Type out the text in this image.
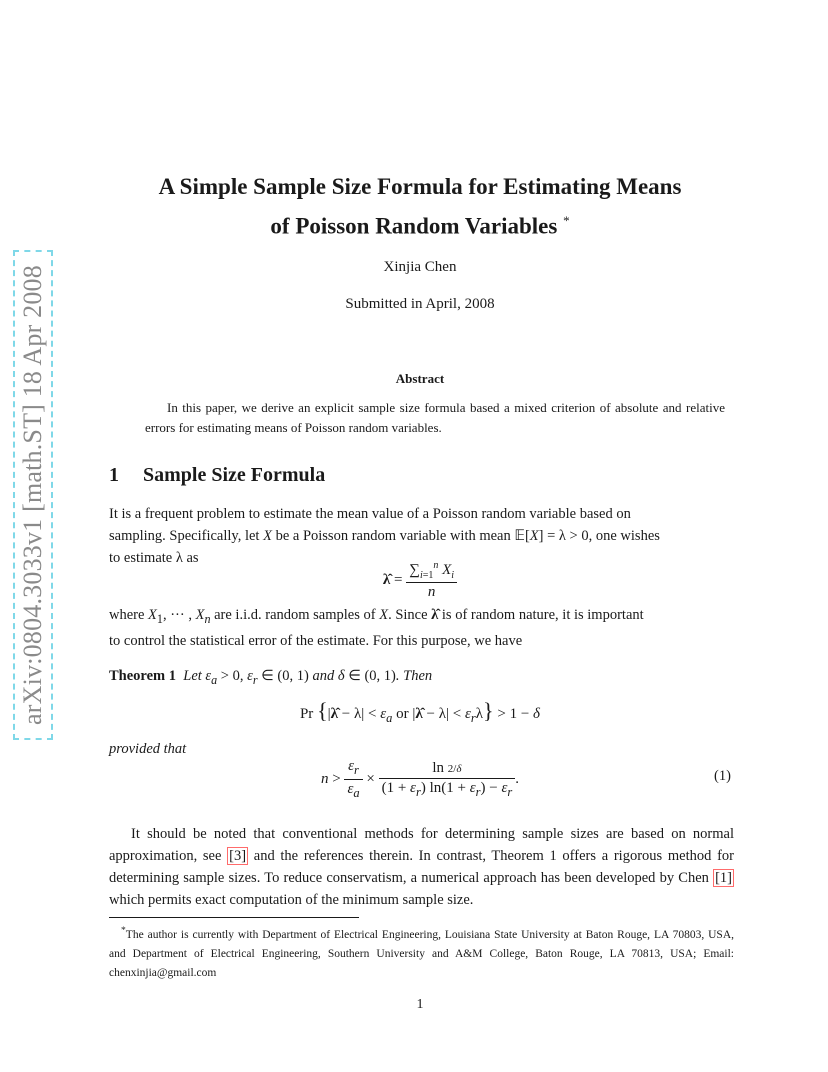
arXiv:0804.3033v1 [math.ST] 18 Apr 2008
A Simple Sample Size Formula for Estimating Means
of Poisson Random Variables *
Xinjia Chen
Submitted in April, 2008
Abstract
In this paper, we derive an explicit sample size formula based a mixed criterion of absolute and relative errors for estimating means of Poisson random variables.
1 Sample Size Formula

It is a frequent problem to estimate the mean value of a Poisson random variable based on

sampling. Specifically, let X be a Poisson random variable with mean 𝔼[X] = λ > 0, one wishes

to estimate λ as

λ̂ = $\frac{\sum_{i=1}^n X_i}{n}$

where $X_1$, ··· , $X_n$ are i.i.d. random samples of X. Since λ̂ is of random nature, it is important

to control the statistical error of the estimate. For this purpose, we have

Theorem 1 Let $\varepsilon_a > 0$, $\varepsilon_r$ ∈ (0, 1) and δ ∈ (0, 1). Then
Pr {|λ̂ − $\lambda| < \varepsilon_a$ or |λ̂ − $\lambda| < \varepsilon_r\lambda\} > 1 - \delta$
provided that
$n > \frac{\varepsilon_r}{\varepsilon_a} \times \frac{\ln 2/\delta}{(1 + \varepsilon_r) \ln(1 + \varepsilon_r) - \varepsilon_r}$ .	(1)
It should be noted that conventional methods for determining sample sizes are based on normal approximation, see [3] and the references therein. In contrast, Theorem 1 offers a rigorous method for determining sample sizes. To reduce conservatism, a numerical approach has been developed by Chen [1] which permits exact computation of the minimum sample size.
*The author is currently with Department of Electrical Engineering, Louisiana State University at Baton Rouge, LA 70803, USA, and Department of Electrical Engineering, Southern University and A&M College, Baton Rouge, LA 70813, USA; Email: chenxinjia@gmail.com
1
